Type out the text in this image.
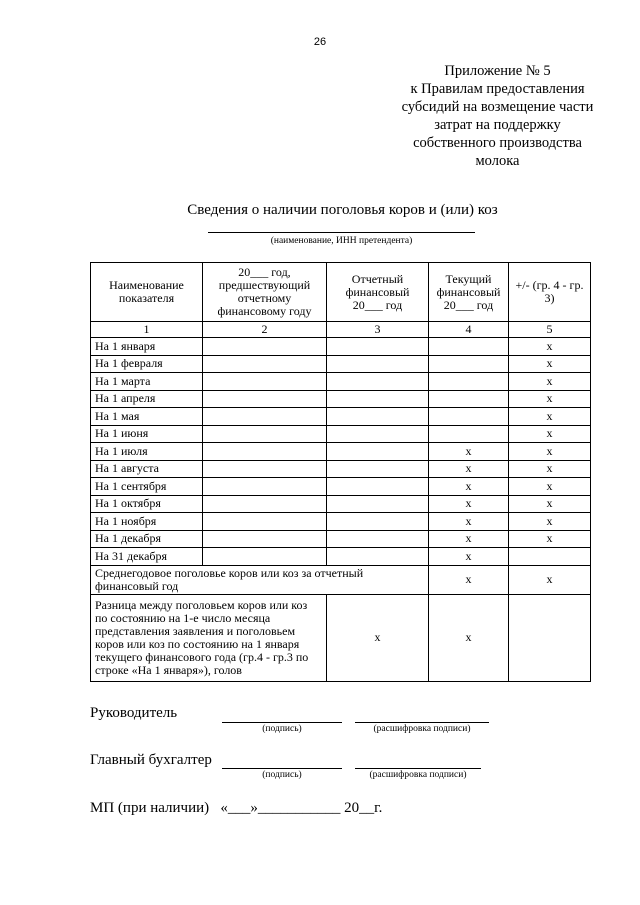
26
Приложение № 5
к Правилам предоставления
субсидий на возмещение части
затрат на поддержку
собственного производства
молока
Сведения о наличии поголовья коров и (или) коз
(наименование, ИНН претендента)
Наименование показателя	20___ год, предшествующий отчетному финансовому году	Отчетный финансовый 20___ год	Текущий финансовый 20___ год	+/- (гр. 4 - гр. 3)
1	2	3	4	5
На 1 января				x
На 1 февраля				x
На 1 марта				x
На 1 апреля				x
На 1 мая				x
На 1 июня				x
На 1 июля			x	x
На 1 августа			x	x
На 1 сентября			x	x
На 1 октября			x	x
На 1 ноября			x	x
На 1 декабря			x	x
На 31 декабря			x	
Среднегодовое поголовье коров или коз за отчетный финансовый год			x	x
Разница между поголовьем коров или коз по состоянию на 1-е число месяца представления заявления и поголовьем коров или коз по состоянию на 1 января текущего финансового года (гр.4 - гр.3 по строке «На 1 января»), голов		x	x	
Руководитель
(подпись)	(расшифровка подписи)
Главный бухгалтер
(подпись)	(расшифровка подписи)
МП (при наличии)   «___»___________ 20__г.
